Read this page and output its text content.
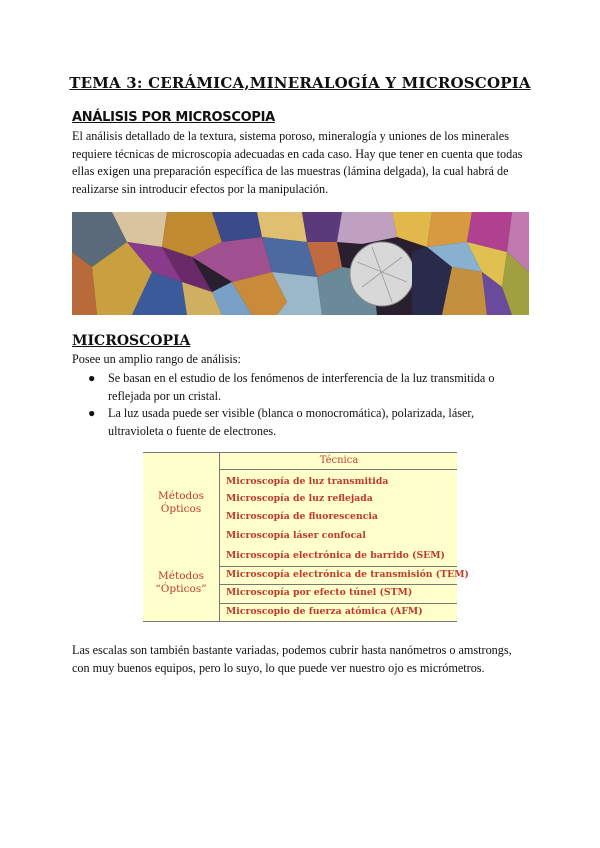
TEMA 3: CERÁMICA,MINERALOGÍA Y MICROSCOPIA
ANÁLISIS POR MICROSCOPIA
El análisis detallado de la textura, sistema poroso, mineralogía y uniones de los minerales
requiere técnicas de microscopia adecuadas en cada caso. Hay que tener en cuenta que todas
ellas exigen una preparación específica de las muestras (lámina delgada), la cual habrá de
realizarse sin introducir efectos por la manipulación.
MICROSCOPIA
Posee un amplio rango de análisis:
● Se basan en el estudio de los fenómenos de interferencia de la luz transmitida o
reflejada por un cristal.
● La luz usada puede ser visible (blanca o monocromática), polarizada, láser,
ultravioleta o fuente de electrones.
Técnica
Métodos
Ópticos
Métodos
“Ópticos”
Microscopía de luz transmitida
Microscopía de luz reflejada
Microscopía de fluorescencia
Microscopía láser confocal
Microscopía electrónica de barrido (SEM)
Microscopía electrónica de transmisión (TEM)
Microscopía por efecto túnel (STM)
Microscopio de fuerza atómica (AFM)
Las escalas son también bastante variadas, podemos cubrir hasta nanómetros o amstrongs,
con muy buenos equipos, pero lo suyo, lo que puede ver nuestro ojo es micrómetros.
